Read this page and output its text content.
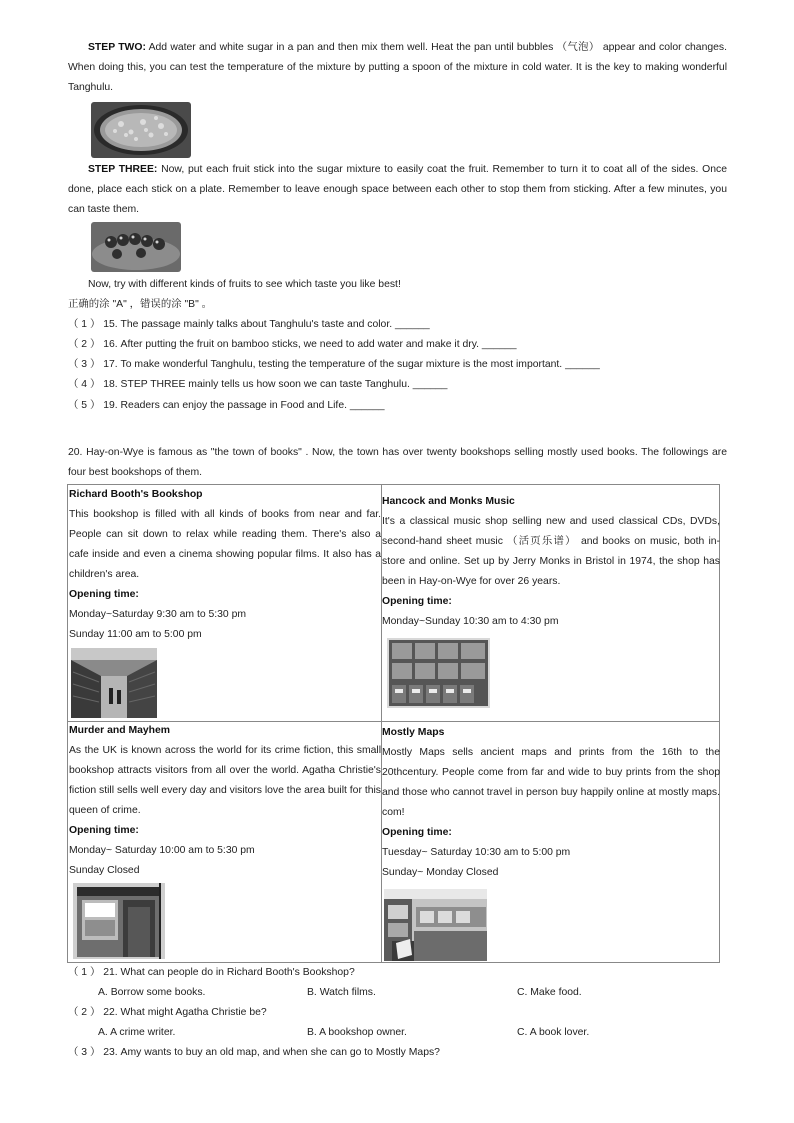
STEP TWO: Add water and white sugar in a pan and then mix them well. Heat the pan until bubbles （气泡） appear and color changes. When doing this, you can test the temperature of the mixture by putting a spoon of the mixture in cold water. It is the key to making wonderful Tanghulu.
STEP THREE: Now, put each fruit stick into the sugar mixture to easily coat the fruit. Remember to turn it to coat all of the sides. Once done, place each stick on a plate. Remember to leave enough space between each other to stop them from sticking. After a few minutes, you can taste them.
Now, try with different kinds of fruits to see which taste you like best!
正确的涂 "A" ，错误的涂 "B" 。
（ 1 ） 15. The passage mainly talks about Tanghulu's taste and color. ______
（ 2 ） 16. After putting the fruit on bamboo sticks, we need to add water and make it dry. ______
（ 3 ） 17. To make wonderful Tanghulu, testing the temperature of the sugar mixture is the most important. ______
（ 4 ） 18. STEP THREE mainly tells us how soon we can taste Tanghulu. ______
（ 5 ） 19. Readers can enjoy the passage in Food and Life. ______
20. Hay-on-Wye is famous as "the town of books" . Now, the town has over twenty bookshops selling mostly used books. The followings are four best bookshops of them.
Richard Booth's Bookshop
This bookshop is filled with all kinds of books from near and far. People can sit down to relax while reading them. There's also a cafe inside and even a cinema showing popular films. It also has a children's area.
Opening time:
Monday~Saturday 9:30 am to 5:30 pm
Sunday 11:00 am to 5:00 pm
Hancock and Monks Music
It's a classical music shop selling new and used classical CDs, DVDs, second-hand sheet music （活页乐谱） and books on music, both in-store and online. Set up by Jerry Monks in Bristol in 1974, the shop has been in Hay-on-Wye for over 26 years.
Opening time:
Monday~Sunday 10:30 am to 4:30 pm
Murder and Mayhem
As the UK is known across the world for its crime fiction, this small bookshop attracts visitors from all over the world. Agatha Christie's fiction still sells well every day and visitors love the area built for this queen of crime.
Opening time:
Monday~ Saturday 10:00 am to 5:30 pm
Sunday Closed
Mostly Maps
Mostly Maps sells ancient maps and prints from the 16th to the 20thcentury. People come from far and wide to buy prints from the shop and those who cannot travel in person buy happily online at mostly maps. com!
Opening time:
Tuesday~ Saturday 10:30 am to 5:00 pm
Sunday~ Monday Closed
（ 1 ） 21. What can people do in Richard Booth's Bookshop?
A. Borrow some books.	B. Watch films.	C. Make food.
（ 2 ） 22. What might Agatha Christie be?
A. A crime writer.	B. A bookshop owner.	C. A book lover.
（ 3 ） 23. Amy wants to buy an old map, and when she can go to Mostly Maps?
